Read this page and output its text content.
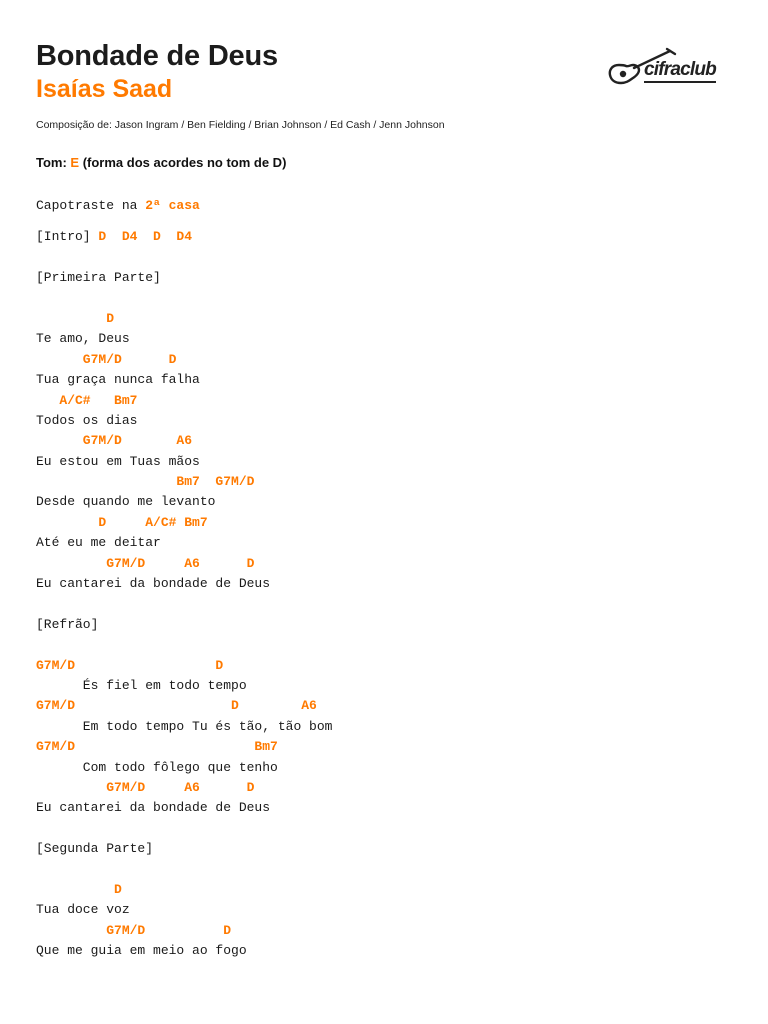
Bondade de Deus
Isaías Saad
Composição de: Jason Ingram / Ben Fielding / Brian Johnson / Ed Cash / Jenn Johnson
cifraclub
Tom: E (forma dos acordes no tom de D)
Capotraste na 2ª casa
[Intro] D  D4  D  D4
[Primeira Parte]
D
Te amo, Deus
G7M/D      D
Tua graça nunca falha
A/C#   Bm7
Todos os dias
G7M/D       A6
Eu estou em Tuas mãos
Bm7  G7M/D
Desde quando me levanto
D     A/C# Bm7
Até eu me deitar
G7M/D     A6      D
Eu cantarei da bondade de Deus
[Refrão]
G7M/D                  D
És fiel em todo tempo
G7M/D                    D        A6
Em todo tempo Tu és tão, tão bom
G7M/D                       Bm7
Com todo fôlego que tenho
G7M/D     A6      D
Eu cantarei da bondade de Deus
[Segunda Parte]
D
Tua doce voz
G7M/D          D
Que me guia em meio ao fogo
